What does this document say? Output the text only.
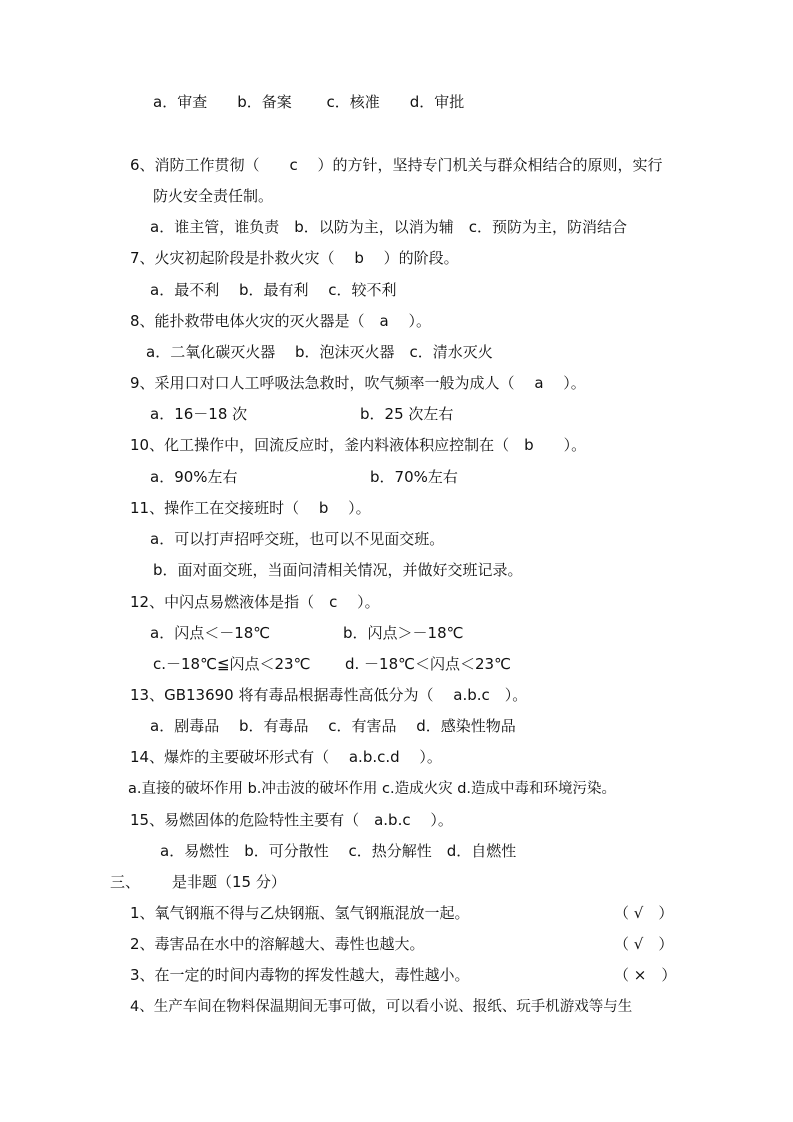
a．审查　　b．备案　　 c．核准　　d．审批
6、消防工作贯彻（　　c　 ）的方针，坚持专门机关与群众相结合的原则，实行
防火安全责任制。
a．谁主管，谁负责　b．以防为主，以消为辅　c．预防为主，防消结合
7、火灾初起阶段是扑救火灾（　 b　 ）的阶段。
a．最不利　 b．最有利　 c．较不利
8、能扑救带电体火灾的灭火器是（　a　 ）。
a．二氧化碳灭火器　 b．泡沫灭火器　c．清水灭火
9、采用口对口人工呼吸法急救时，吹气频率一般为成人（　 a　 ）。
a．16－18 次	b．25 次左右
10、化工操作中，回流反应时，釜内料液体积应控制在（　b　　）。
a．90%左右	b．70%左右
11、操作工在交接班时（　 b　 ）。
a．可以打声招呼交班，也可以不见面交班。
b．面对面交班，当面问清相关情况，并做好交班记录。
12、中闪点易燃液体是指（　c　 ）。
a．闪点＜－18℃	b．闪点＞－18℃
c.－18℃≦闪点＜23℃ d. －18℃＜闪点＜23℃
13、GB13690 将有毒品根据毒性高低分为（　 a.b.c　）。
a．剧毒品　 b．有毒品　 c．有害品　 d．感染性物品
14、爆炸的主要破坏形式有（　 a.b.c.d　 ）。
a.直接的破坏作用 b.冲击波的破坏作用 c.造成火灾 d.造成中毒和环境污染。
15、易燃固体的危险特性主要有（　a.b.c　 ）。
a．易燃性　b．可分散性　 c．热分解性　d．自燃性
三、 是非题（15 分）
1、氧气钢瓶不得与乙炔钢瓶、氢气钢瓶混放一起。	（ √　）
2、毒害品在水中的溶解越大、毒性也越大。	（ √　）
3、在一定的时间内毒物的挥发性越大，毒性越小。	（ ×　）
4、生产车间在物料保温期间无事可做，可以看小说、报纸、玩手机游戏等与生
